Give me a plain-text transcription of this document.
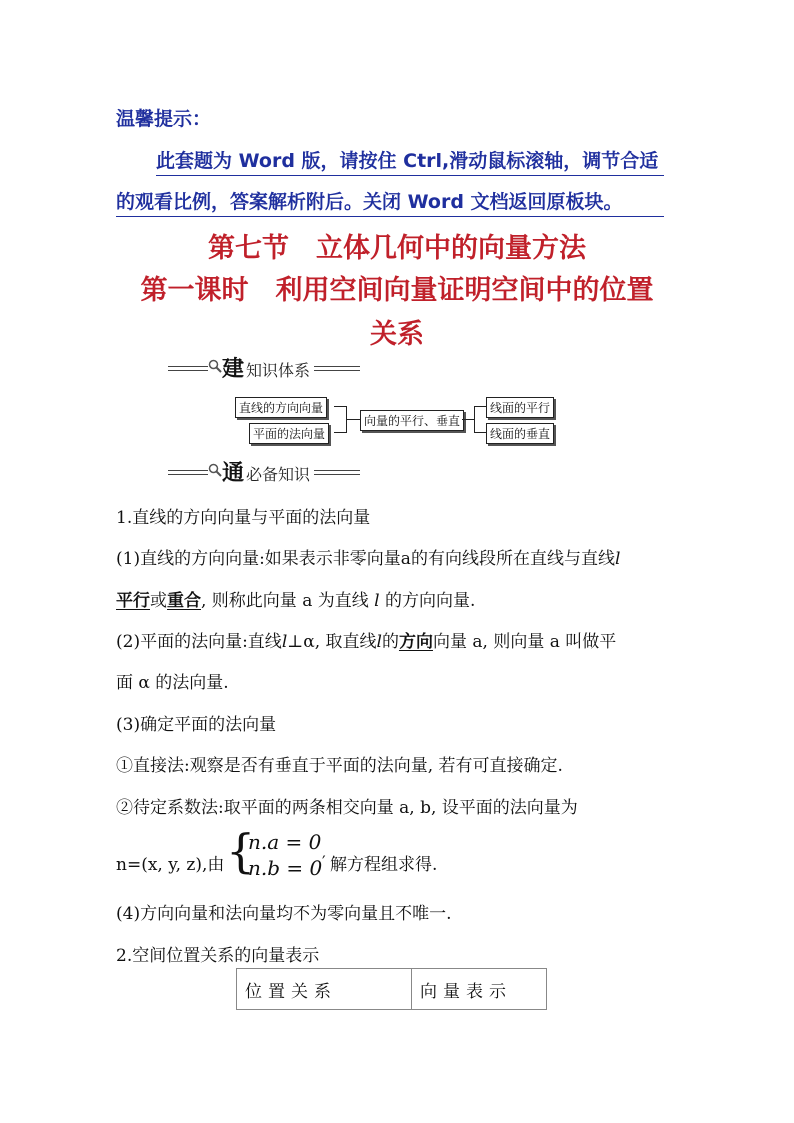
温馨提示：
此套题为 Word 版，请按住 Ctrl,滑动鼠标滚轴，调节合适
的观看比例，答案解析附后。关闭 Word 文档返回原板块。
第七节　立体几何中的向量方法
第一课时　利用空间向量证明空间中的位置
关系
建 知识体系
直线的方向向量
平面的法向量
向量的平行、垂直
线面的平行
线面的垂直
通 必备知识
1.直线的方向向量与平面的法向量
(1)直线的方向向量:如果表示非零向量a的有向线段所在直线与直线l
平行或重合, 则称此向量 a 为直线 l 的方向向量.
(2)平面的法向量:直线l⊥α, 取直线l的方向向量 a, 则向量 a 叫做平
面 α 的法向量.
(3)确定平面的法向量
①直接法:观察是否有垂直于平面的法向量, 若有可直接确定.
②待定系数法:取平面的两条相交向量 a, b, 设平面的法向量为
n=(x, y, z),由 {
n.a = 0
n.b = 0 ′ 解方程组求得.
(4)方向向量和法向量均不为零向量且不唯一.
2.空间位置关系的向量表示
位置关系	向量表示
